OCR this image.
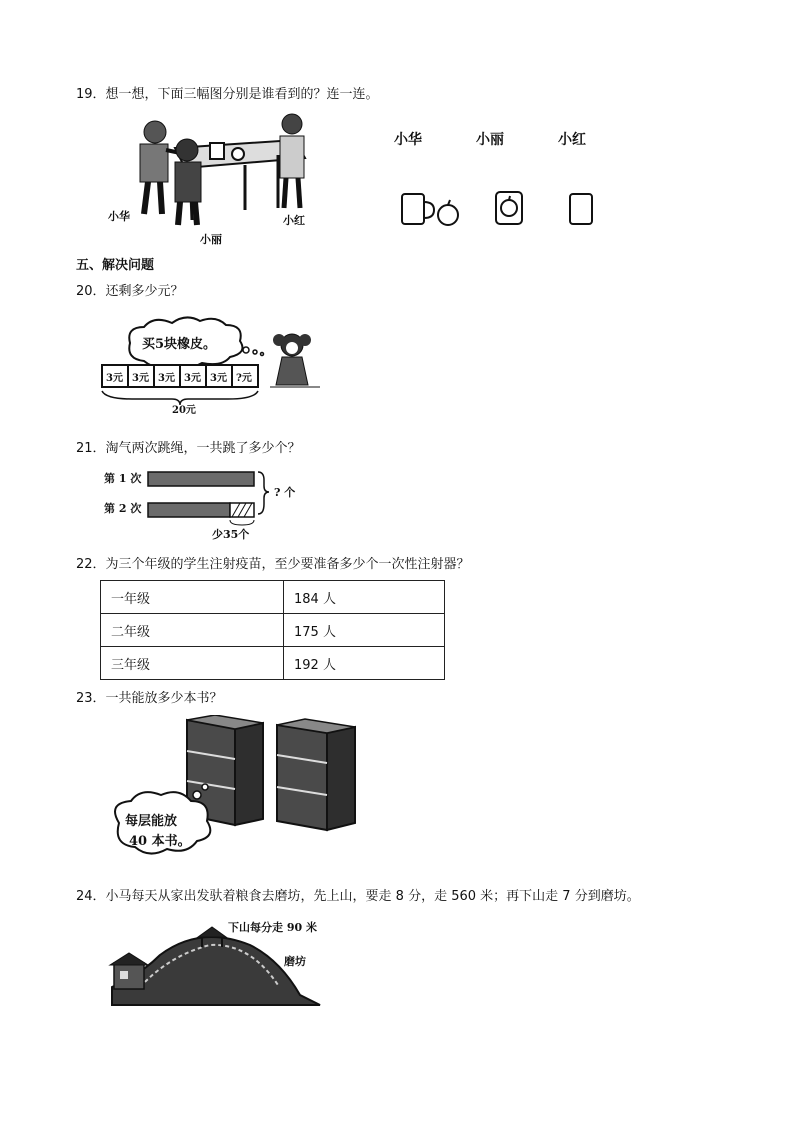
19．想一想，下面三幅图分别是谁看到的？连一连。
小华
小丽
小红
小华	小丽	小红
五、解决问题
20．还剩多少元？
买5块橡皮。
3元 3元 3元 3元 3元 ?元
20元
21．淘气两次跳绳，一共跳了多少个？
第 1 次
第 2 次
? 个
少35个
22．为三个年级的学生注射疫苗，至少要准备多少个一次性注射器？
一年级	184 人
二年级	175 人
三年级	192 人
23．一共能放多少本书？
每层能放
40 本书。
24．小马每天从家出发驮着粮食去磨坊，先上山，要走 8 分，走 560 米；再下山走 7 分到磨坊。
下山每分走 90 米
磨坊
